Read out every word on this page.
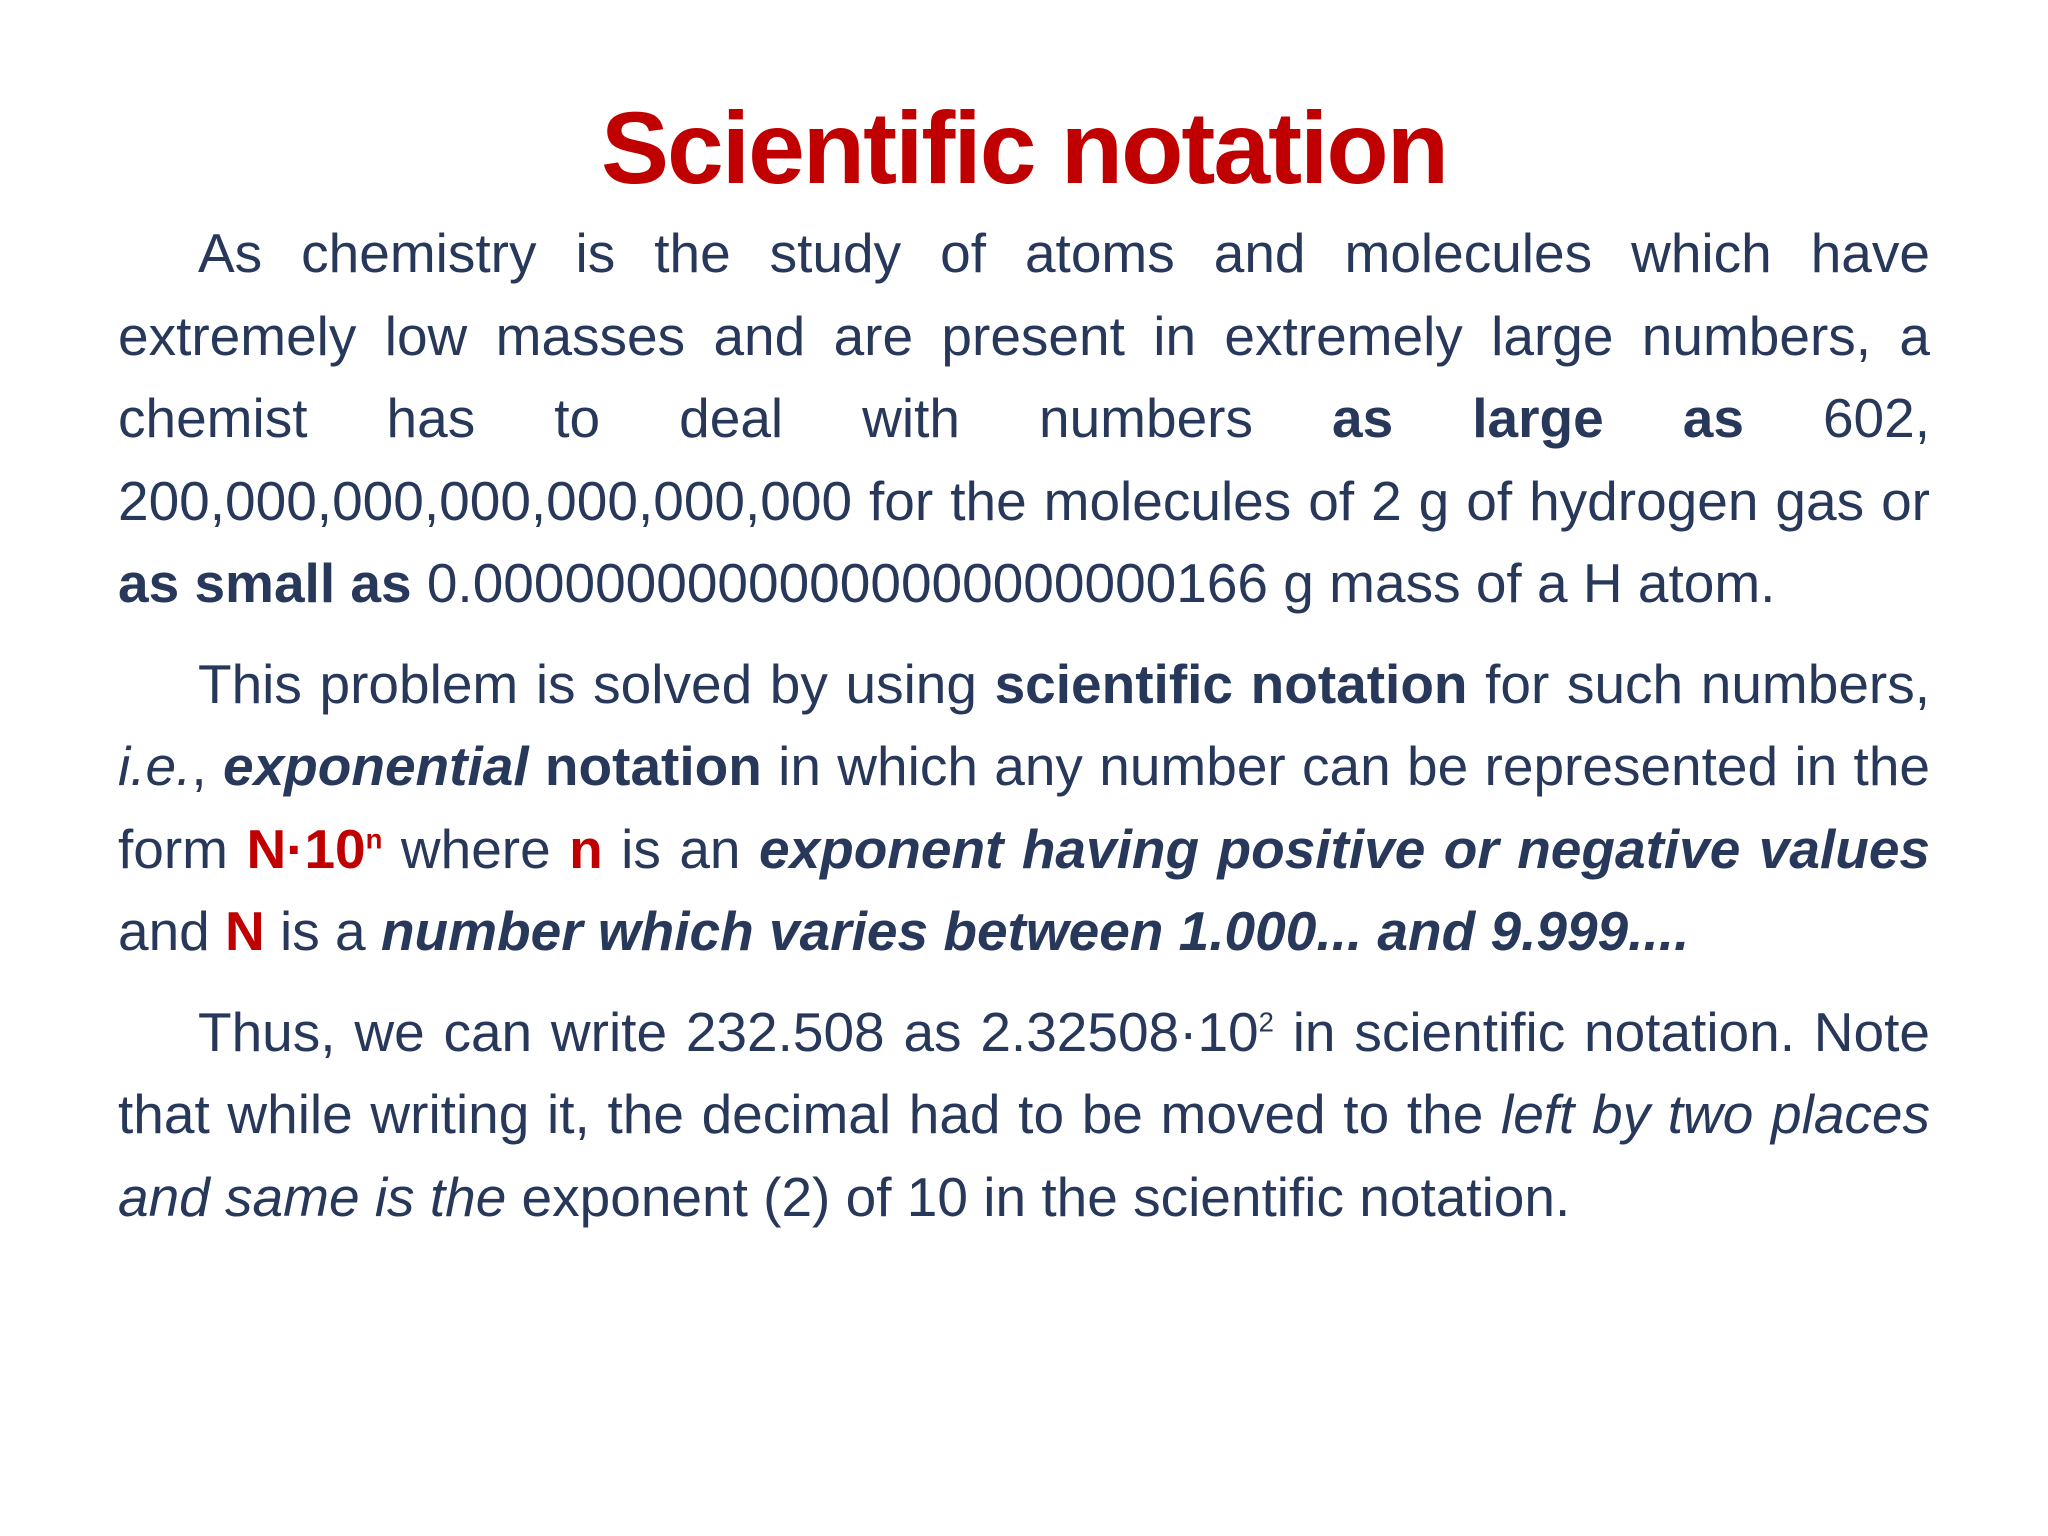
Scientific notation

As chemistry is the study of atoms and molecules which have extremely low masses and are present in extremely large numbers, a chemist has to deal with numbers as large as 602, 200,000,000,000,000,000,000 for the molecules of 2 g of hydrogen gas or as small as 0.00000000000000000000000166 g mass of a H atom.

This problem is solved by using scientific notation for such numbers, i.e., exponential notation in which any number can be represented in the form $N\cdot 10^n$ where n is an exponent having positive or negative values and N is a number which varies between 1.000... and 9.999....

Thus, we can write 232.508 as $2.32508\cdot 10^2$ in scientific notation. Note that while writing it, the decimal had to be moved to the left by two places and same is the exponent (2) of 10 in the scientific notation.
